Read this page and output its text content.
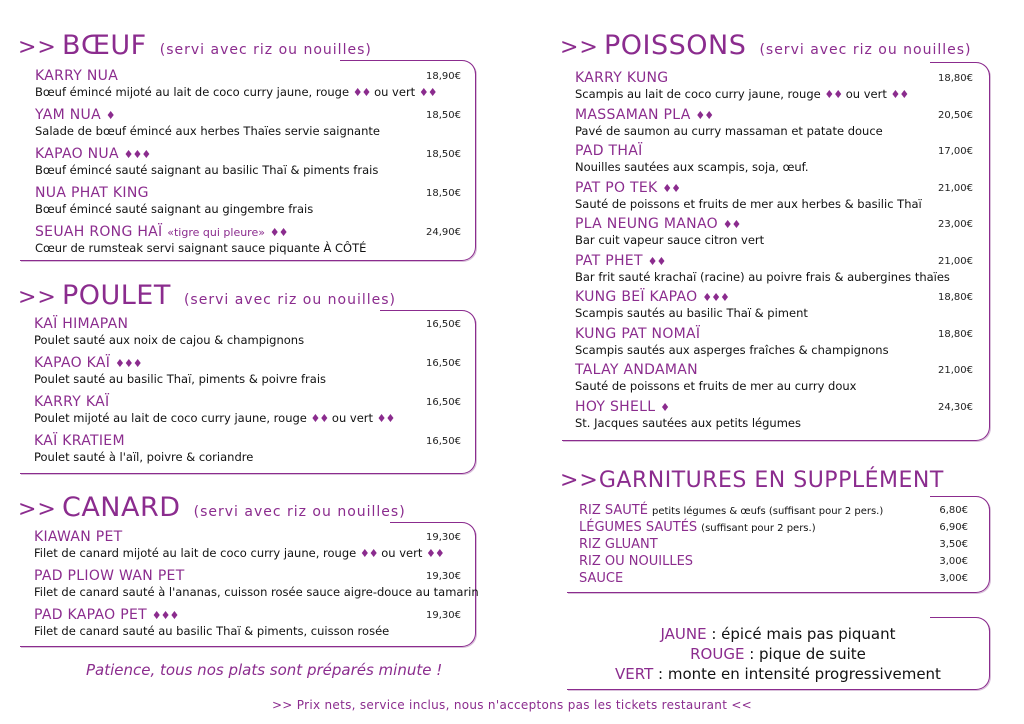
>> BŒUF (servi avec riz ou nouilles)
KARRY NUA
Bœuf émincé mijoté au lait de coco curry jaune, rouge ♦♦ ou vert ♦♦
18,90€
YAM NUA ♦
Salade de bœuf émincé aux herbes Thaïes servie saignante
18,50€
KAPAO NUA ♦♦♦
Bœuf émincé sauté saignant au basilic Thaï & piments frais
18,50€
NUA PHAT KING
Bœuf émincé sauté saignant au gingembre frais
18,50€
SEUAH RONG HAÏ «tigre qui pleure» ♦♦
Cœur de rumsteak servi saignant sauce piquante À CÔTÉ
24,90€
>> POULET (servi avec riz ou nouilles)
KAÏ HIMAPAN
Poulet sauté aux noix de cajou & champignons
16,50€
KAPAO KAÏ ♦♦♦
Poulet sauté au basilic Thaï, piments & poivre frais
16,50€
KARRY KAÏ
Poulet mijoté au lait de coco curry jaune, rouge ♦♦ ou vert ♦♦
16,50€
KAÏ KRATIEM
Poulet sauté à l'aïl, poivre & coriandre
16,50€
>> CANARD (servi avec riz ou nouilles)
KIAWAN PET
Filet de canard mijoté au lait de coco curry jaune, rouge ♦♦ ou vert ♦♦
19,30€
PAD PLIOW WAN PET
Filet de canard sauté à l'ananas, cuisson rosée sauce aigre-douce au tamarin
19,30€
PAD KAPAO PET ♦♦♦
Filet de canard sauté au basilic Thaï & piments, cuisson rosée
19,30€
Patience, tous nos plats sont préparés minute !
>> POISSONS (servi avec riz ou nouilles)
KARRY KUNG
Scampis au lait de coco curry jaune, rouge ♦♦ ou vert ♦♦
18,80€
MASSAMAN PLA ♦♦
Pavé de saumon au curry massaman et patate douce
20,50€
PAD THAÏ
Nouilles sautées aux scampis, soja, œuf.
17,00€
PAT PO TEK ♦♦
Sauté de poissons et fruits de mer aux herbes & basilic Thaï
21,00€
PLA NEUNG MANAO ♦♦
Bar cuit vapeur sauce citron vert
23,00€
PAT PHET ♦♦
Bar frit sauté krachaï (racine) au poivre frais & aubergines thaïes
21,00€
KUNG BEÏ KAPAO ♦♦♦
Scampis sautés au basilic Thaï & piment
18,80€
KUNG PAT NOMAÏ
Scampis sautés aux asperges fraîches & champignons
18,80€
TALAY ANDAMAN
Sauté de poissons et fruits de mer au curry doux
21,00€
HOY SHELL ♦
St. Jacques sautées aux petits légumes
24,30€
>>GARNITURES EN SUPPLÉMENT
RIZ SAUTÉ petits légumes & œufs (suffisant pour 2 pers.)	6,80€
LÉGUMES SAUTÉS (suffisant pour 2 pers.)	6,90€
RIZ GLUANT	3,50€
RIZ OU NOUILLES	3,00€
SAUCE	3,00€
JAUNE : épicé mais pas piquant
ROUGE : pique de suite
VERT : monte en intensité progressivement
>> Prix nets, service inclus, nous n'acceptons pas les tickets restaurant <<
